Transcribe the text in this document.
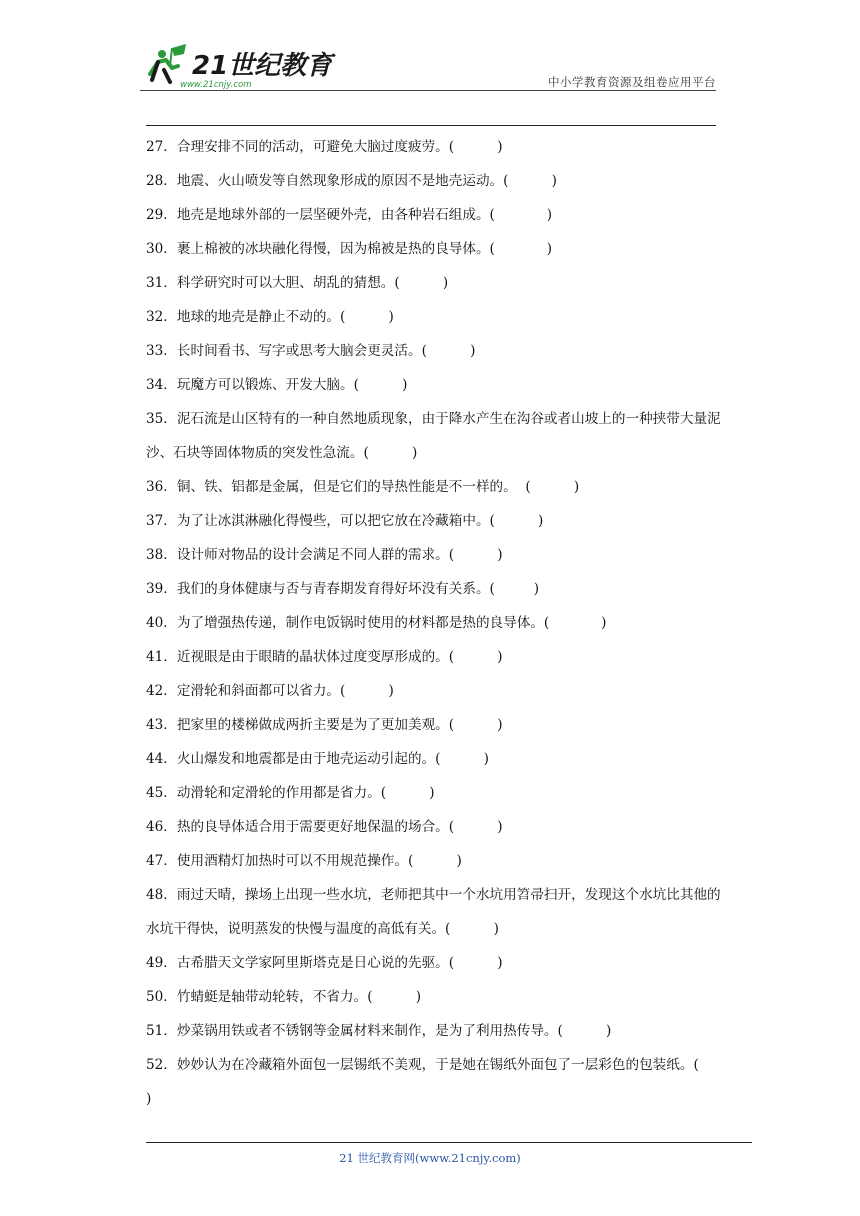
21世纪教育
www.21cnjy.com	中小学教育资源及组卷应用平台

27．合理安排不同的活动，可避免大脑过度疲劳。(          )

28．地震、火山喷发等自然现象形成的原因不是地壳运动。(          )

29．地壳是地球外部的一层坚硬外壳，由各种岩石组成。(            )

30．裹上棉被的冰块融化得慢，因为棉被是热的良导体。(            )

31．科学研究时可以大胆、胡乱的猜想。(          )

32．地球的地壳是静止不动的。(          )

33．长时间看书、写字或思考大脑会更灵活。(          )

34．玩魔方可以锻炼、开发大脑。(          )

35．泥石流是山区特有的一种自然地质现象，由于降水产生在沟谷或者山坡上的一种挟带大量泥沙、石块等固体物质的突发性急流。(          )

36．铜、铁、铝都是金属，但是它们的导热性能是不一样的。  (          )

37．为了让冰淇淋融化得慢些，可以把它放在冷藏箱中。(          )

38．设计师对物品的设计会满足不同人群的需求。(          )

39．我们的身体健康与否与青春期发育得好坏没有关系。(         )

40．为了增强热传递，制作电饭锅时使用的材料都是热的良导体。(            )

41．近视眼是由于眼睛的晶状体过度变厚形成的。(          )

42．定滑轮和斜面都可以省力。(          )

43．把家里的楼梯做成两折主要是为了更加美观。(          )

44．火山爆发和地震都是由于地壳运动引起的。(          )

45．动滑轮和定滑轮的作用都是省力。(          )

46．热的良导体适合用于需要更好地保温的场合。(          )

47．使用酒精灯加热时可以不用规范操作。(          )

48．雨过天晴，操场上出现一些水坑，老师把其中一个水坑用笤帚扫开，发现这个水坑比其他的水坑干得快，说明蒸发的快慢与温度的高低有关。(          )

49．古希腊天文学家阿里斯塔克是日心说的先驱。(          )

50．竹蜻蜓是轴带动轮转，不省力。(          )

51．炒菜锅用铁或者不锈钢等金属材料来制作，是为了利用热传导。(          )

52．妙妙认为在冷藏箱外面包一层锡纸不美观，于是她在锡纸外面包了一层彩色的包装纸。(            )

21 世纪教育网(www.21cnjy.com)
